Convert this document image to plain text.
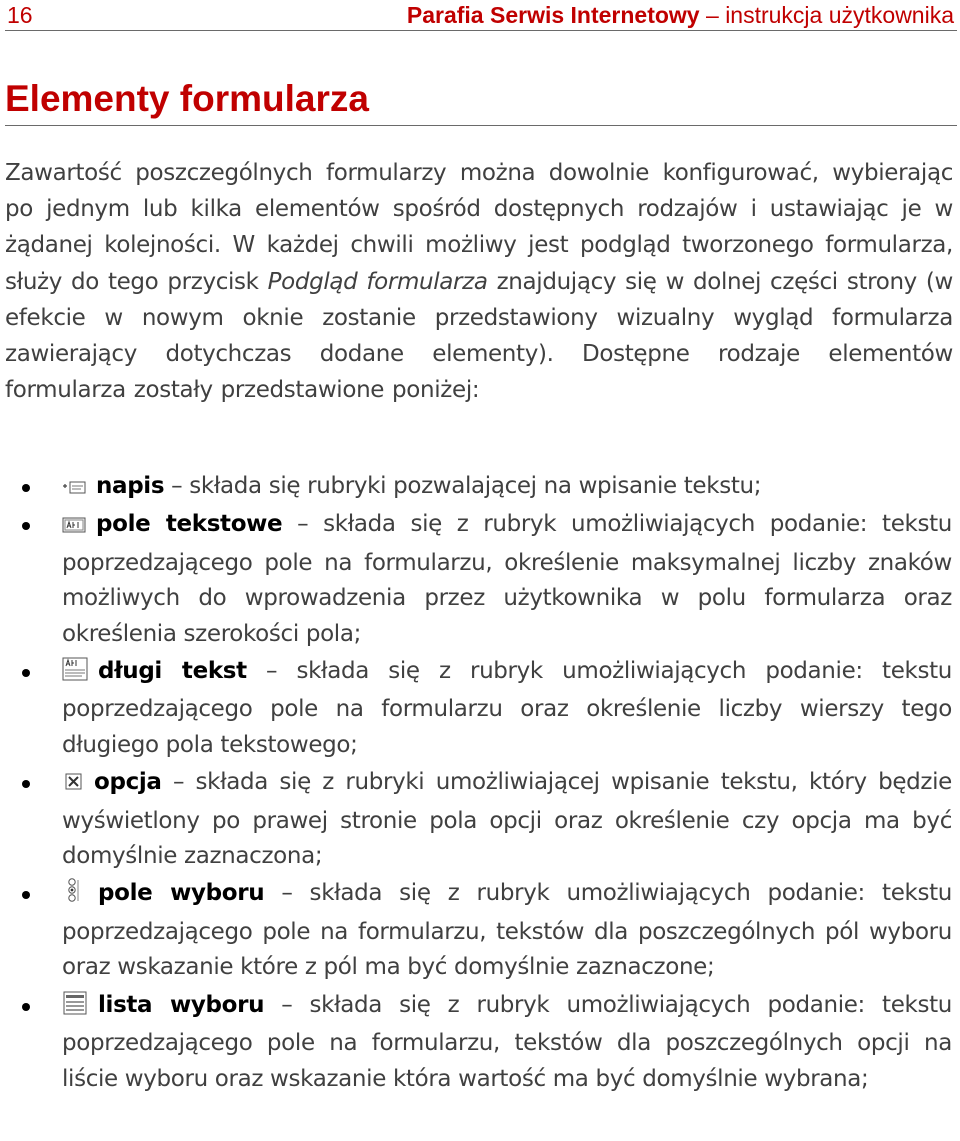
16	Parafia Serwis Internetowy – instrukcja użytkownika
Elementy formularza

Zawartość poszczególnych formularzy można dowolnie konfigurować, wybierając po jednym lub kilka elementów spośród dostępnych rodzajów i ustawiając je w żądanej kolejności. W każdej chwili możliwy jest podgląd tworzonego formularza, służy do tego przycisk Podgląd formularza znajdujący się w dolnej części strony (w efekcie w nowym oknie zostanie przedstawiony wizualny wygląd formularza zawierający dotychczas dodane elementy). Dostępne rodzaje elementów formularza zostały przedstawione poniżej:

napis – składa się rubryki pozwalającej na wpisanie tekstu;
pole tekstowe – składa się z rubryk umożliwiających podanie: tekstu poprzedzającego pole na formularzu, określenie maksymalnej liczby znaków możliwych do wprowadzenia przez użytkownika w polu formularza oraz określenia szerokości pola;
długi tekst – składa się z rubryk umożliwiających podanie: tekstu poprzedzającego pole na formularzu oraz określenie liczby wierszy tego długiego pola tekstowego;
opcja – składa się z rubryki umożliwiającej wpisanie tekstu, który będzie wyświetlony po prawej stronie pola opcji oraz określenie czy opcja ma być domyślnie zaznaczona;
pole wyboru – składa się z rubryk umożliwiających podanie: tekstu poprzedzającego pole na formularzu, tekstów dla poszczególnych pól wyboru oraz wskazanie które z pól ma być domyślnie zaznaczone;
lista wyboru – składa się z rubryk umożliwiających podanie: tekstu poprzedzającego pole na formularzu, tekstów dla poszczególnych opcji na liście wyboru oraz wskazanie która wartość ma być domyślnie wybrana;
